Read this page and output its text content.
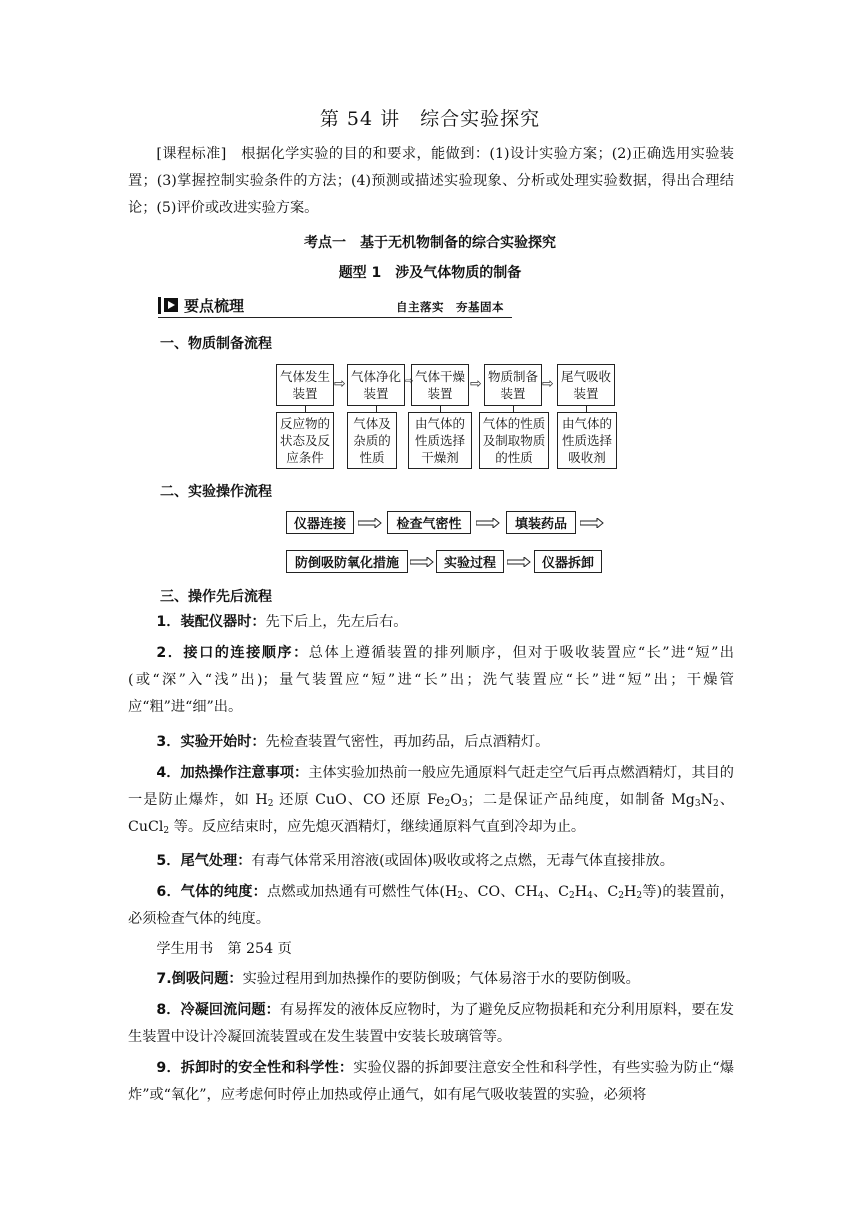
第 54 讲　综合实验探究
[课程标准]　根据化学实验的目的和要求，能做到：(1)设计实验方案；(2)正确选用实验装置；(3)掌握控制实验条件的方法；(4)预测或描述实验现象、分析或处理实验数据，得出合理结论；(5)评价或改进实验方案。
考点一　基于无机物制备的综合实验探究
题型 1　涉及气体物质的制备
要点梳理	自主落实　夯基固本
一、物质制备流程
气体发生装置
气体净化装置
气体干燥装置
物质制备装置
尾气吸收装置
⇨	⇨	⇨
⇨
反应物的状态及反应条件
气体及杂质的性质
由气体的性质选择干燥剂
气体的性质及制取物质的性质
由气体的性质选择吸收剂
二、实验操作流程
仪器连接	检查气密性	填装药品
防倒吸防氧化措施	实验过程	仪器拆卸
三、操作先后流程
1．装配仪器时：先下后上，先左后右。
2．接口的连接顺序：总体上遵循装置的排列顺序，但对于吸收装置应“长”进“短”出(或“深”入“浅”出)；量气装置应“短”进“长”出；洗气装置应“长”进“短”出；干燥管应“粗”进“细”出。
3．实验开始时：先检查装置气密性，再加药品，后点酒精灯。
4．加热操作注意事项：主体实验加热前一般应先通原料气赶走空气后再点燃酒精灯，其目的一是防止爆炸，如 $H_2$ 还原 CuO、CO 还原 $Fe_2O_3$；二是保证产品纯度，如制备 $Mg_3N_2$、CuCl$_2$ 等。反应结束时，应先熄灭酒精灯，继续通原料气直到冷却为止。
5．尾气处理：有毒气体常采用溶液(或固体)吸收或将之点燃，无毒气体直接排放。
6．气体的纯度：点燃或加热通有可燃性气体($H_2$、CO、$CH_4$、$C_2H_4$、$C_2H_2$等)的装置前，必须检查气体的纯度。
学生用书　第 254 页
7.倒吸问题：实验过程用到加热操作的要防倒吸；气体易溶于水的要防倒吸。
8．冷凝回流问题：有易挥发的液体反应物时，为了避免反应物损耗和充分利用原料，要在发生装置中设计冷凝回流装置或在发生装置中安装长玻璃管等。
9．拆卸时的安全性和科学性：实验仪器的拆卸要注意安全性和科学性，有些实验为防止“爆炸”或“氧化”，应考虑何时停止加热或停止通气，如有尾气吸收装置的实验，必须将
